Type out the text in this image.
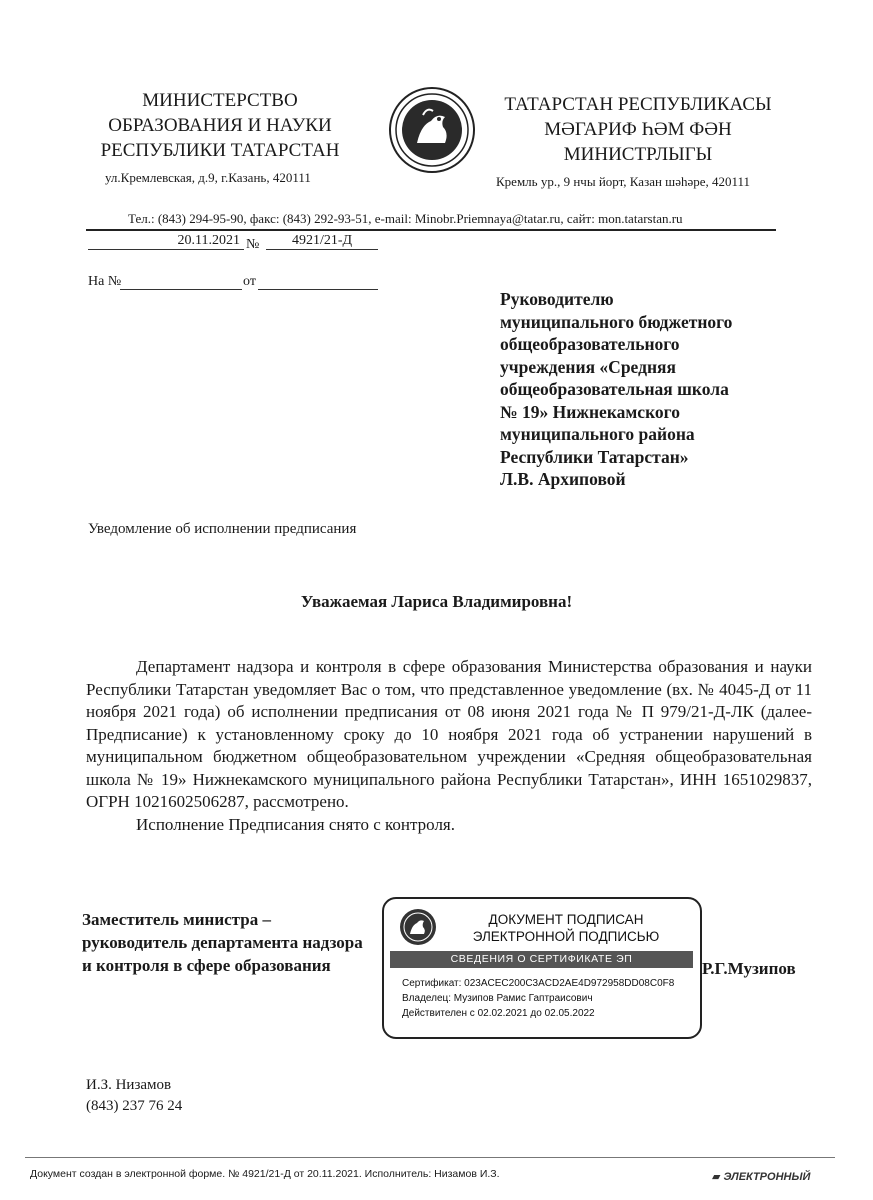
МИНИСТЕРСТВО
ОБРАЗОВАНИЯ И НАУКИ
РЕСПУБЛИКИ ТАТАРСТАН
ул.Кремлевская, д.9, г.Казань, 420111
ТАТАРСТАН РЕСПУБЛИКАСЫ
МӘГАРИФ ҺӘМ ФӘН
МИНИСТРЛЫГЫ
Кремль ур., 9 нчы йорт, Казан шәһәре, 420111
Тел.: (843) 294-95-90, факс: (843) 292-93-51, e-mail: Minobr.Priemnaya@tatar.ru, сайт: mon.tatarstan.ru
20.11.2021 №	4921/21-Д
На №	от
Руководителю
муниципального бюджетного
общеобразовательного
учреждения «Средняя
общеобразовательная школа
№ 19» Нижнекамского
муниципального района
Республики Татарстан»
Л.В. Архиповой
Уведомление об исполнении предписания
Уважаемая Лариса Владимировна!

Департамент надзора и контроля в сфере образования Министерства образования и науки Республики Татарстан уведомляет Вас о том, что представленное уведомление (вх. № 4045-Д от 11 ноября 2021 года) об исполнении предписания от 08 июня 2021 года № П 979/21-Д-ЛК (далее-Предписание) к установленному сроку до 10 ноября 2021 года об устранении нарушений в муниципальном бюджетном общеобразовательном учреждении «Средняя общеобразовательная школа № 19» Нижнекамского муниципального района Республики Татарстан», ИНН 1651029837, ОГРН 1021602506287, рассмотрено.

Исполнение Предписания снято с контроля.

Заместитель министра –
руководитель департамента надзора
и контроля в сфере образования
ДОКУМЕНТ ПОДПИСАН
ЭЛЕКТРОННОЙ ПОДПИСЬЮ
СВЕДЕНИЯ О СЕРТИФИКАТЕ ЭП
Сертификат: 023ACEC200C3ACD2AE4D972958DD08C0F8
Владелец: Музипов Рамис Гаптраисович
Действителен с 02.02.2021 до 02.05.2022
Р.Г.Музипов
И.З. Низамов
(843) 237 76 24
Документ создан в электронной форме. № 4921/21-Д от 20.11.2021. Исполнитель: Низамов И.З.	▰ ЭЛЕКТРОННЫЙ
